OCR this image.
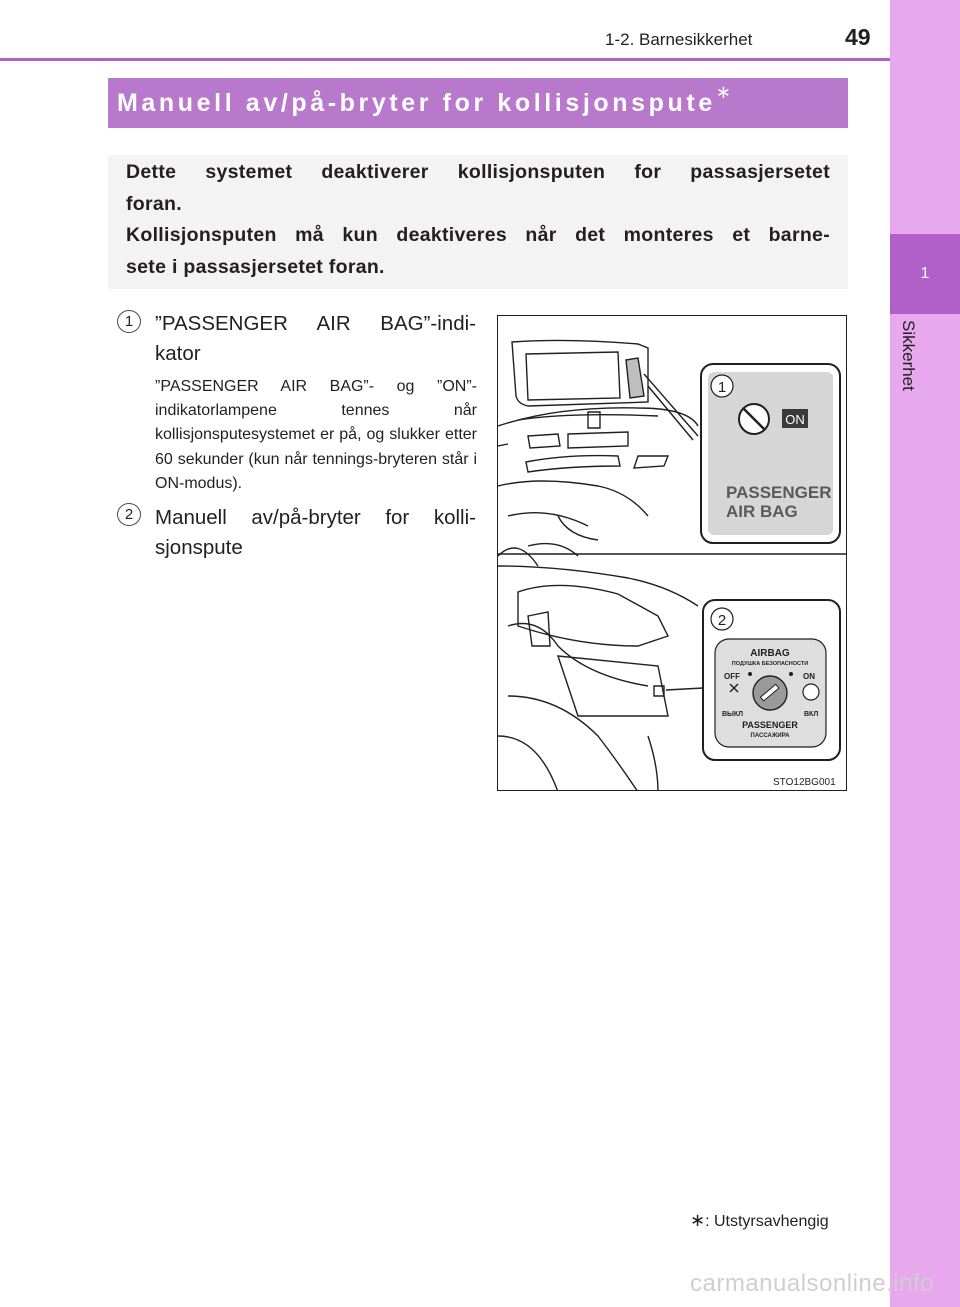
1
Sikkerhet
1-2. Barnesikkerhet	49
Manuell av/på-bryter for kollisjonspute ∗

Dette systemet deaktiverer kollisjonsputen for passasjersetet

foran.

Kollisjonsputen må kun deaktiveres når det monteres et barne-

sete i passasjersetet foran.

1	”PASSENGER AIR BAG”-indi-
kator
”PASSENGER AIR BAG”- og ”ON”-indikatorlampene tennes når kollisjonsputesystemet er på, og slukker etter 60 sekunder (kun når tennings-bryteren står i ON-modus).
2	Manuell av/på-bryter for kolli-
sjonspute
1
ON
PASSENGER
AIR BAG
2
AIRBAG
ПОДУШКА БЕЗОПАСНОСТИ
OFF	ON
ВЫКЛ	ВКЛ
PASSENGER
ПАССАЖИРА
STO12BG001
∗: Utstyrsavhengig
carmanualsonline.info
